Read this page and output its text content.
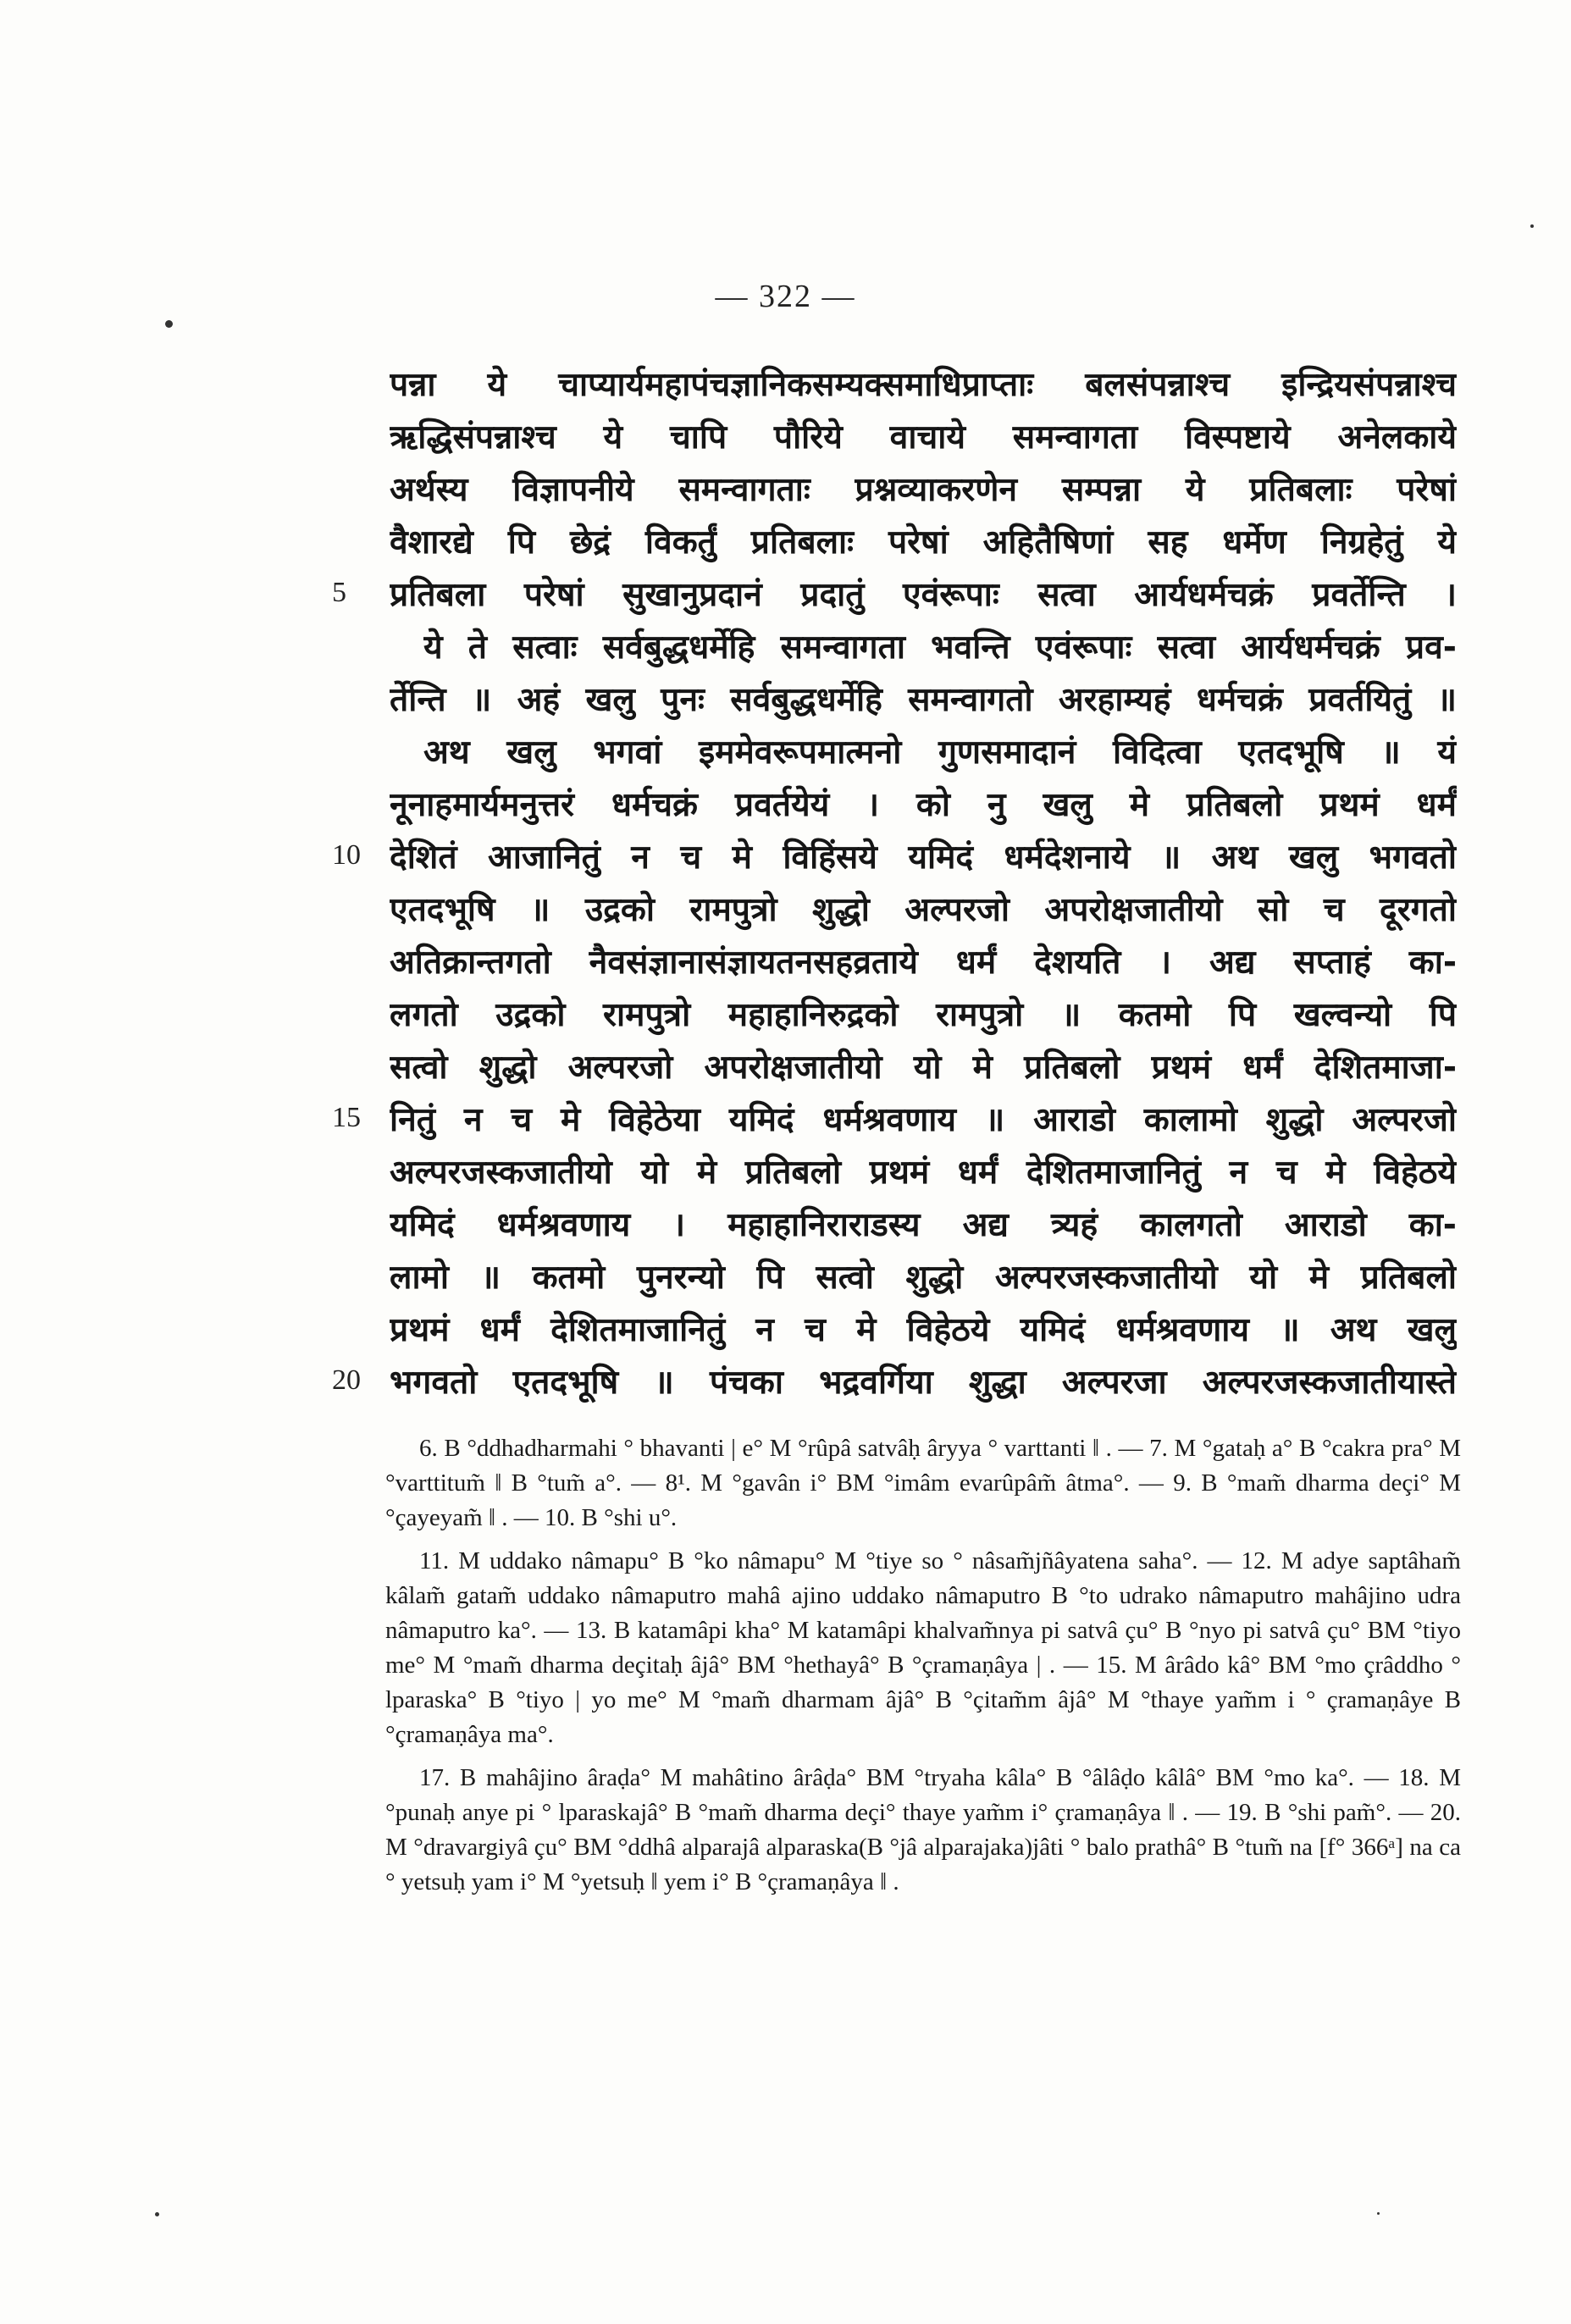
— 322 —
पन्ना ये चाप्यार्यमहापंचज्ञानिकसम्यक्समाधिप्राप्ताः बलसंपन्नाश्च इन्द्रियसंपन्नाश्च
ऋद्धिसंपन्नाश्च ये चापि पौरिये वाचाये समन्वागता विस्पष्टाये अनेलकाये
अर्थस्य विज्ञापनीये समन्वागताः प्रश्नव्याकरणेन सम्पन्ना ये प्रतिबलाः परेषां
वैशारद्ये पि छेद्रं विकर्तुं प्रतिबलाः परेषां अहितैषिणां सह धर्मेण निग्रहेतुं ये
5	प्रतिबला परेषां सुखानुप्रदानं प्रदातुं एवंरूपाः सत्वा आर्यधर्मचक्रं प्रवर्तेन्ति ।
ये ते सत्वाः सर्वबुद्धधर्मेहि समन्वागता भवन्ति एवंरूपाः सत्वा आर्यधर्मचक्रं प्रव-
र्तेन्ति ॥ अहं खलु पुनः सर्वबुद्धधर्मेहि समन्वागतो अरहाम्यहं धर्मचक्रं प्रवर्तयितुं ॥
अथ खलु भगवां इममेवरूपमात्मनो गुणसमादानं विदित्वा एतदभूषि ॥ यं
नूनाहमार्यमनुत्तरं धर्मचक्रं प्रवर्तयेयं । को नु खलु मे प्रतिबलो प्रथमं धर्मं
10 देशितं आजानितुं न च मे विहिंसये यमिदं धर्मदेशनाये ॥ अथ खलु भगवतो
एतदभूषि ॥ उद्रको रामपुत्रो शुद्धो अल्परजो अपरोक्षजातीयो सो च दूरगतो
अतिक्रान्तगतो नैवसंज्ञानासंज्ञायतनसहव्रताये धर्मं देशयति । अद्य सप्ताहं का-
लगतो उद्रको रामपुत्रो महाहानिरुद्रको रामपुत्रो ॥ कतमो पि खल्वन्यो पि
सत्वो शुद्धो अल्परजो अपरोक्षजातीयो यो मे प्रतिबलो प्रथमं धर्मं देशितमाजा-
15 नितुं न च मे विहेठेया यमिदं धर्मश्रवणाय ॥ आराडो कालामो शुद्धो अल्परजो
अल्परजस्कजातीयो यो मे प्रतिबलो प्रथमं धर्मं देशितमाजानितुं न च मे विहेठये
यमिदं धर्मश्रवणाय । महाहानिराराडस्य अद्य त्र्यहं कालगतो आराडो का-
लामो ॥ कतमो पुनरन्यो पि सत्वो शुद्धो अल्परजस्कजातीयो यो मे प्रतिबलो
प्रथमं धर्मं देशितमाजानितुं न च मे विहेठये यमिदं धर्मश्रवणाय ॥ अथ खलु
20 भगवतो एतदभूषि ॥ पंचका भद्रवर्गिया शुद्धा अल्परजा अल्परजस्कजातीयास्ते

6. B °ddhadharmahi ° bhavanti | e° M °rûpâ satvâḥ âryya ° varttanti ‖ . — 7. M °gataḥ a° B °cakra pra° M °varttitum̃ ‖ B °tum̃ a°. — 8¹. M °gavân i° BM °imâm evarûpâm̃ âtma°. — 9. B °mam̃ dharma deçi° M °çayeyam̃ ‖ . — 10. B °shi u°.

11. M uddako nâmapu° B °ko nâmapu° M °tiye so ° nâsam̃jñâyatena saha°. — 12. M adye saptâham̃ kâlam̃ gatam̃ uddako nâmaputro mahâ ajino uddako nâmaputro B °to udrako nâmaputro mahâjino udra nâmaputro ka°. — 13. B katamâpi kha° M katamâpi khalvam̃nya pi satvâ çu° B °nyo pi satvâ çu° BM °tiyo me° M °mam̃ dharma deçitaḥ âjâ° BM °hethayâ° B °çramaṇâya | . — 15. M ârâdo kâ° BM °mo çrâddho ° lparaska° B °tiyo | yo me° M °mam̃ dharmam âjâ° B °çitam̃m âjâ° M °thaye yam̃m i ° çramaṇâye B °çramaṇâya ma°.

17. B mahâjino âraḍa° M mahâtino ârâḍa° BM °tryaha kâla° B °âlâḍo kâlâ° BM °mo ka°. — 18. M °punaḥ anye pi ° lparaskajâ° B °mam̃ dharma deçi° thaye yam̃m i° çramaṇâya ‖ . — 19. B °shi pam̃°. — 20. M °dravargiyâ çu° BM °ddhâ alparajâ alparaska(B °jâ alparajaka)jâti ° balo prathâ° B °tum̃ na [f° 366ᵃ] na ca ° yetsuḥ yam i° M °yetsuḥ ‖ yem i° B °çramaṇâya ‖ .
